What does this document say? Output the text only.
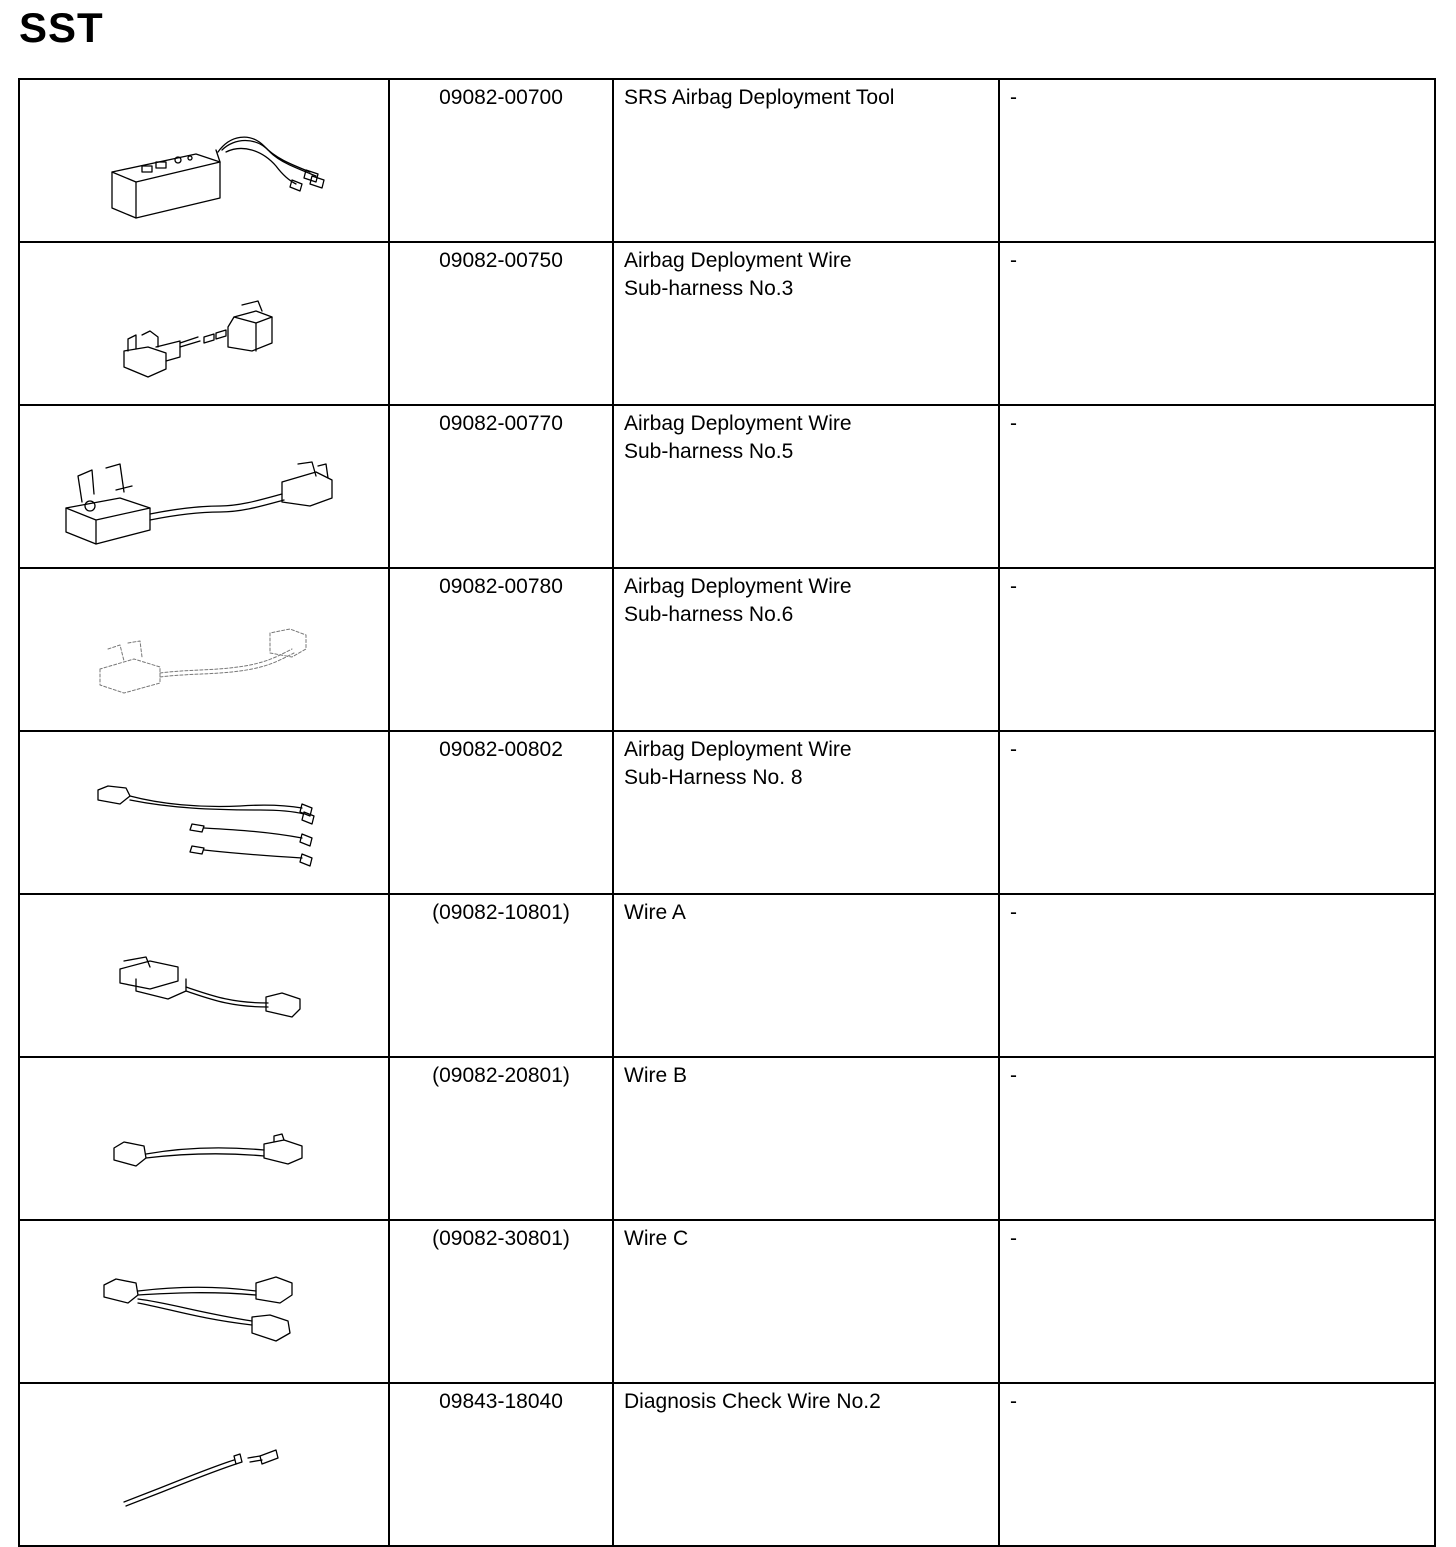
SST
	09082-00700	SRS Airbag Deployment Tool	-

	09082-00750	Airbag Deployment Wire
Sub-harness No.3	-

	09082-00770	Airbag Deployment Wire
Sub-harness No.5	-

	09082-00780	Airbag Deployment Wire
Sub-harness No.6	-

	09082-00802	Airbag Deployment Wire
Sub-Harness No. 8	-

	(09082-10801)	Wire A	-

	(09082-20801)	Wire B	-

	(09082-30801)	Wire C	-

	09843-18040	Diagnosis Check Wire No.2	-
